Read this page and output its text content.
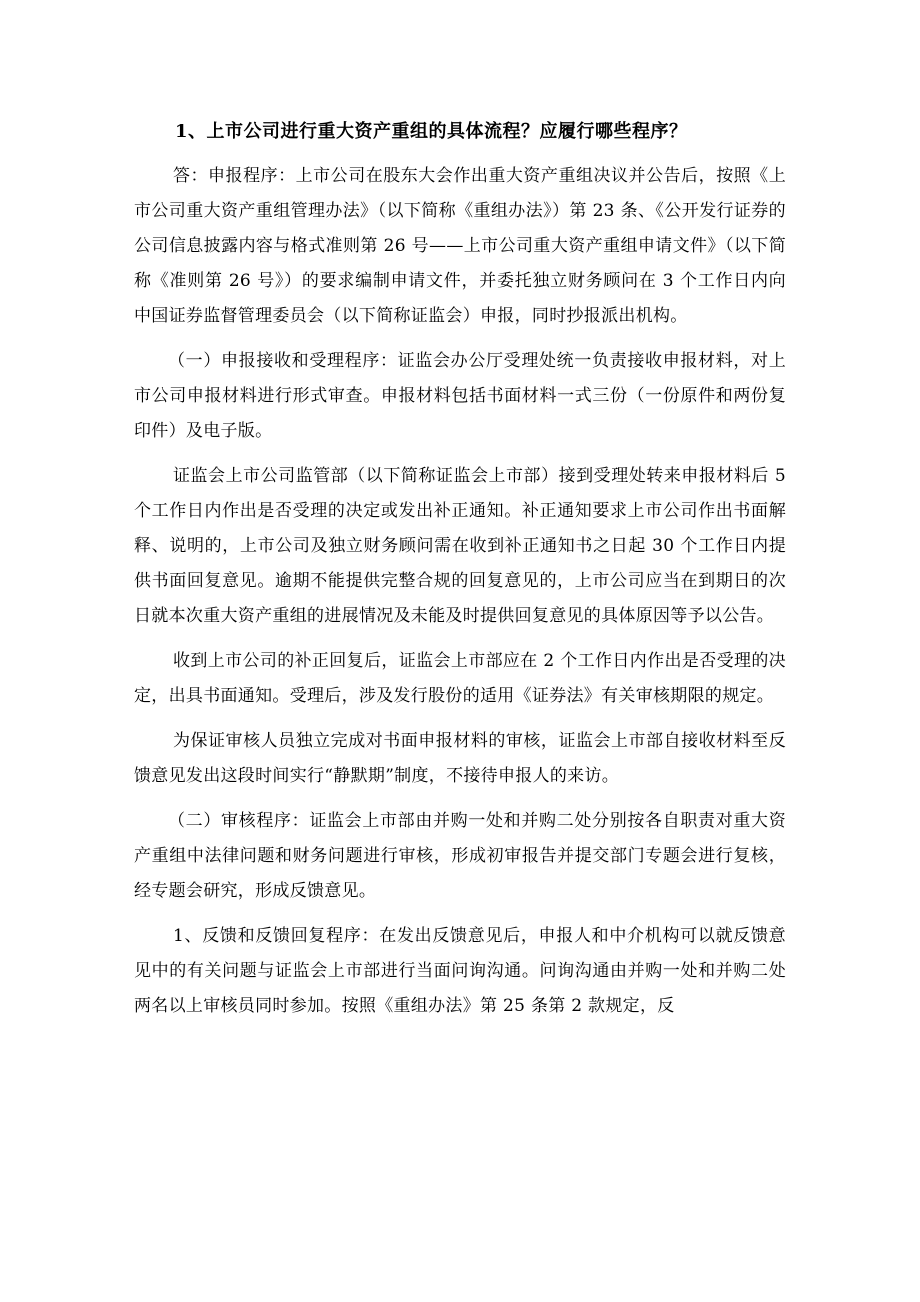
1、上市公司进行重大资产重组的具体流程？应履行哪些程序？

答：申报程序：上市公司在股东大会作出重大资产重组决议并公告后，按照《上市公司重大资产重组管理办法》（以下简称《重组办法》）第 23 条、《公开发行证券的公司信息披露内容与格式准则第 26 号——上市公司重大资产重组申请文件》（以下简称《准则第 26 号》）的要求编制申请文件，并委托独立财务顾问在 3 个工作日内向中国证券监督管理委员会（以下简称证监会）申报，同时抄报派出机构。

（一）申报接收和受理程序：证监会办公厅受理处统一负责接收申报材料，对上市公司申报材料进行形式审查。申报材料包括书面材料一式三份（一份原件和两份复印件）及电子版。

证监会上市公司监管部（以下简称证监会上市部）接到受理处转来申报材料后 5 个工作日内作出是否受理的决定或发出补正通知。补正通知要求上市公司作出书面解释、说明的，上市公司及独立财务顾问需在收到补正通知书之日起 30 个工作日内提供书面回复意见。逾期不能提供完整合规的回复意见的，上市公司应当在到期日的次日就本次重大资产重组的进展情况及未能及时提供回复意见的具体原因等予以公告。

收到上市公司的补正回复后，证监会上市部应在 2 个工作日内作出是否受理的决定，出具书面通知。受理后，涉及发行股份的适用《证券法》有关审核期限的规定。

为保证审核人员独立完成对书面申报材料的审核，证监会上市部自接收材料至反馈意见发出这段时间实行“静默期”制度，不接待申报人的来访。

（二）审核程序：证监会上市部由并购一处和并购二处分别按各自职责对重大资产重组中法律问题和财务问题进行审核，形成初审报告并提交部门专题会进行复核，经专题会研究，形成反馈意见。

1、反馈和反馈回复程序：在发出反馈意见后，申报人和中介机构可以就反馈意见中的有关问题与证监会上市部进行当面问询沟通。问询沟通由并购一处和并购二处两名以上审核员同时参加。按照《重组办法》第 25 条第 2 款规定，反
